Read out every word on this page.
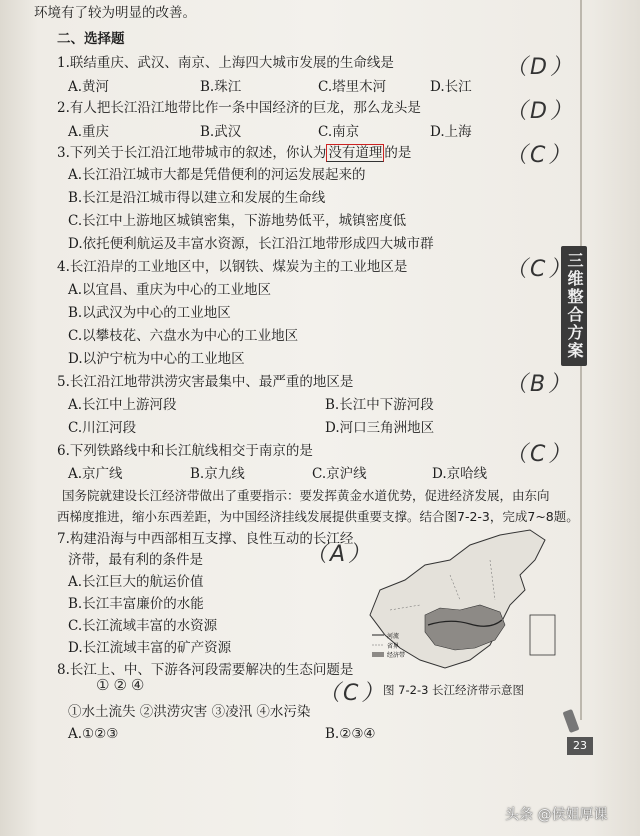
三维整合方案
23
环境有了较为明显的改善。
二、选择题
1.联结重庆、武汉、南京、上海四大城市发展的生命线是	（D）
A.黄河	B.珠江	C.塔里木河	D.长江
2.有人把长江沿江地带比作一条中国经济的巨龙，那么龙头是	（D）
A.重庆	B.武汉	C.南京	D.上海
3.下列关于长江沿江地带城市的叙述，你认为 没有道理 的是	（C）
A.长江沿江城市大都是凭借便利的河运发展起来的
B.长江是沿江城市得以建立和发展的生命线
C.长江中上游地区城镇密集，下游地势低平，城镇密度低
D.依托便利航运及丰富水资源，长江沿江地带形成四大城市群
4.长江沿岸的工业地区中，以钢铁、煤炭为主的工业地区是	（C）
A.以宜昌、重庆为中心的工业地区
B.以武汉为中心的工业地区
C.以攀枝花、六盘水为中心的工业地区
D.以沪宁杭为中心的工业地区
5.长江沿江地带洪涝灾害最集中、最严重的地区是	（B）
A.长江中上游河段	B.长江中下游河段
C.川江河段	D.河口三角洲地区
6.下列铁路线中和长江航线相交于南京的是	（C）
A.京广线	B.京九线	C.京沪线	D.京哈线
国务院就建设长江经济带做出了重要指示：要发挥黄金水道优势，促进经济发展，由东向
西梯度推进，缩小东西差距，为中国经济挂线发展提供重要支撑。结合图7-2-3，完成7~8题。
7.构建沿海与中西部相互支撑、良性互动的长江经
济带，最有利的条件是	（A）
A.长江巨大的航运价值
B.长江丰富廉价的水能
C.长江流域丰富的水资源
D.长江流域丰富的矿产资源
8.长江上、中、下游各河段需要解决的生态问题是
①②④	（C）
①水土流失 ②洪涝灾害 ③凌汛 ④水污染
A.①②③	B.②③④
河流
省界
经济带
图 7-2-3 长江经济带示意图
头条 @侯姐厚课
